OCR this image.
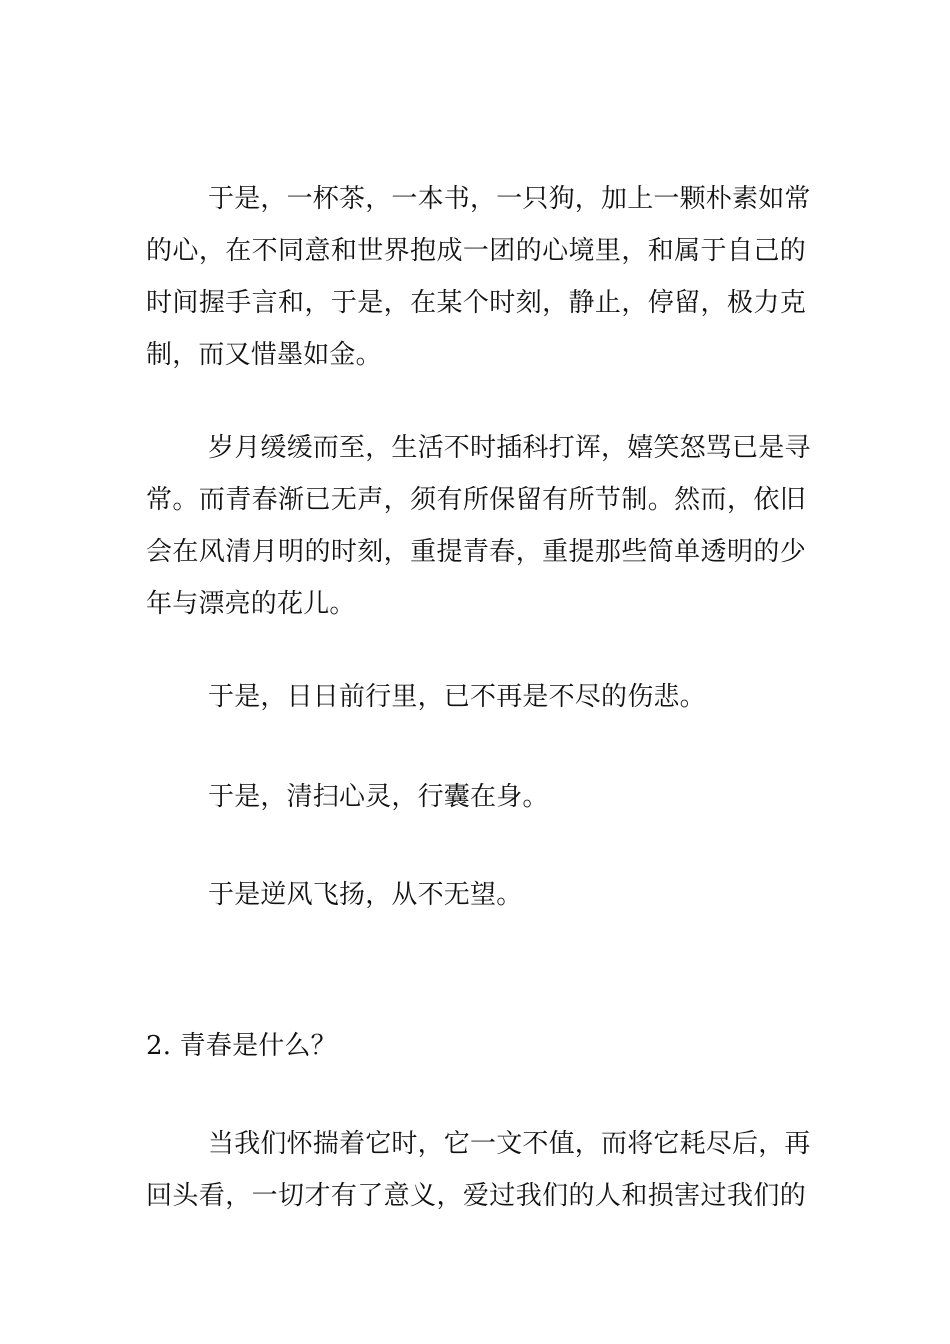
于是，一杯茶，一本书，一只狗，加上一颗朴素如常
的心，在不同意和世界抱成一团的心境里，和属于自己的
时间握手言和，于是，在某个时刻，静止，停留，极力克
制，而又惜墨如金。

岁月缓缓而至，生活不时插科打诨，嬉笑怒骂已是寻
常。而青春渐已无声，须有所保留有所节制。然而，依旧
会在风清月明的时刻，重提青春，重提那些简单透明的少
年与漂亮的花儿。

于是，日日前行里，已不再是不尽的伤悲。

于是，清扫心灵，行囊在身。

于是逆风飞扬，从不无望。

2. 青春是什么？

当我们怀揣着它时，它一文不值，而将它耗尽后，再
回头看，一切才有了意义，爱过我们的人和损害过我们的
